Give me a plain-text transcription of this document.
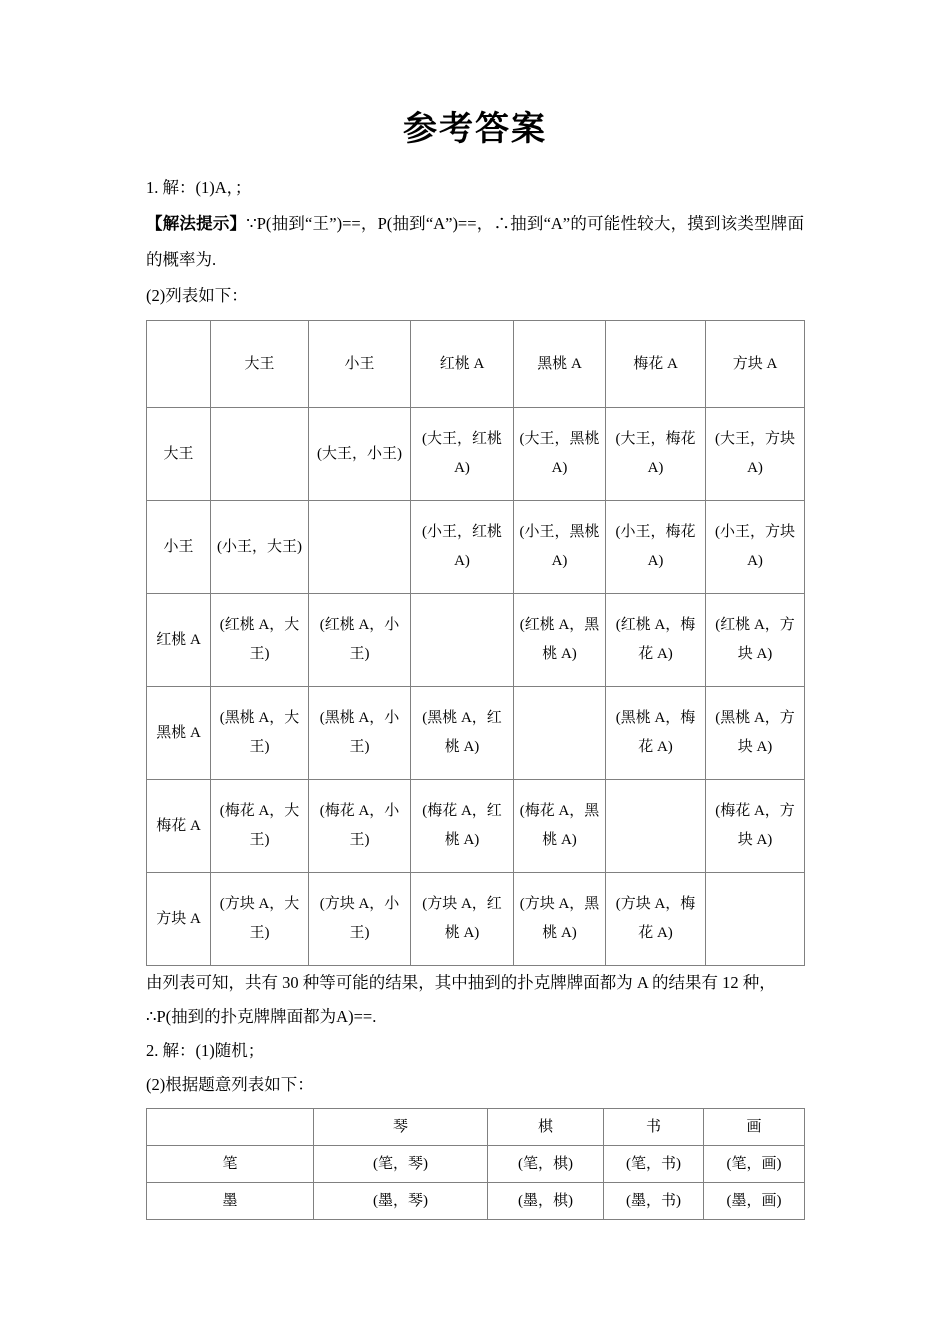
参考答案

1. 解：(1)A，；

【解法提示】∵P(抽到“王”)==，P(抽到“A”)==，∴抽到“A”的可能性较大，摸到该类型牌面的概率为.

(2)列表如下：

	大王	小王	红桃 A	黑桃 A	梅花 A	方块 A
大王		(大王，小王)	(大王，红桃 A)	(大王，黑桃 A)	(大王，梅花 A)	(大王，方块 A)
小王	(小王，大王)		(小王，红桃 A)	(小王，黑桃 A)	(小王，梅花 A)	(小王，方块 A)
红桃 A	(红桃 A，大王)	(红桃 A，小王)		(红桃 A，黑桃 A)	(红桃 A，梅花 A)	(红桃 A，方块 A)
黑桃 A	(黑桃 A，大王)	(黑桃 A，小王)	(黑桃 A，红桃 A)		(黑桃 A，梅花 A)	(黑桃 A，方块 A)
梅花 A	(梅花 A，大王)	(梅花 A，小王)	(梅花 A，红桃 A)	(梅花 A，黑桃 A)		(梅花 A，方块 A)
方块 A	(方块 A，大王)	(方块 A，小王)	(方块 A，红桃 A)	(方块 A，黑桃 A)	(方块 A，梅花 A)	

由列表可知，共有 30 种等可能的结果，其中抽到的扑克牌牌面都为 A 的结果有 12 种，

∴P(抽到的扑克牌牌面都为A)==.

2. 解：(1)随机；

(2)根据题意列表如下：

	琴	棋	书	画
笔	(笔，琴)	(笔，棋)	(笔，书)	(笔，画)
墨	(墨，琴)	(墨，棋)	(墨，书)	(墨，画)
